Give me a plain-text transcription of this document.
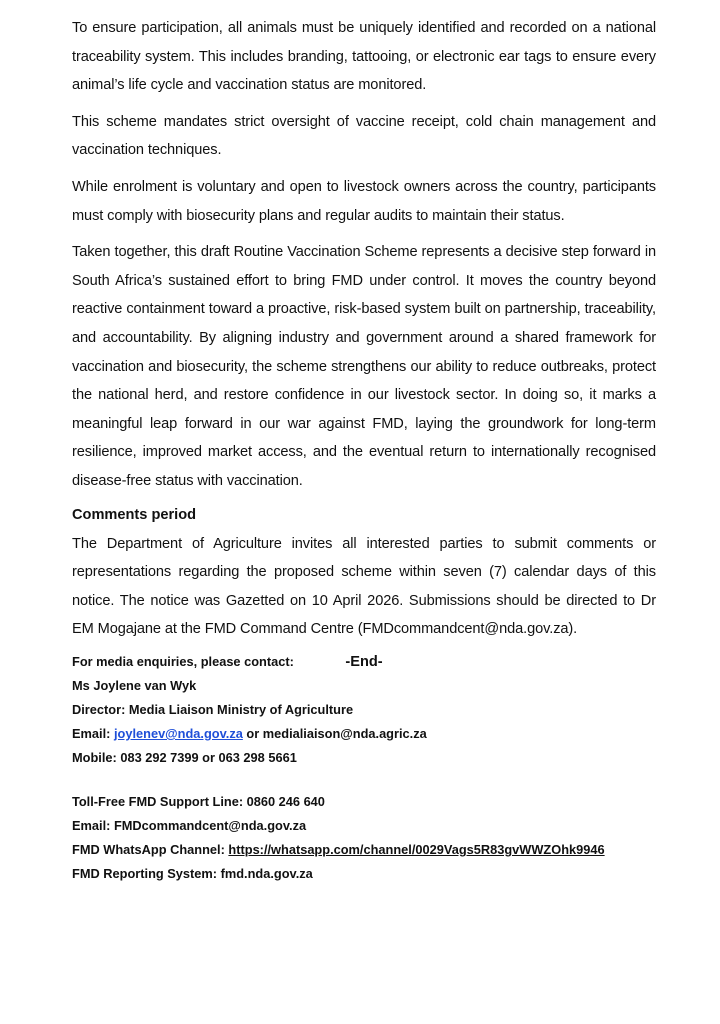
To ensure participation, all animals must be uniquely identified and recorded on a national traceability system. This includes branding, tattooing, or electronic ear tags to ensure every animal’s life cycle and vaccination status are monitored.

This scheme mandates strict oversight of vaccine receipt, cold chain management and vaccination techniques.

While enrolment is voluntary and open to livestock owners across the country, participants must comply with biosecurity plans and regular audits to maintain their status.

Taken together, this draft Routine Vaccination Scheme represents a decisive step forward in South Africa’s sustained effort to bring FMD under control. It moves the country beyond reactive containment toward a proactive, risk-based system built on partnership, traceability, and accountability. By aligning industry and government around a shared framework for vaccination and biosecurity, the scheme strengthens our ability to reduce outbreaks, protect the national herd, and restore confidence in our livestock sector. In doing so, it marks a meaningful leap forward in our war against FMD, laying the groundwork for long-term resilience, improved market access, and the eventual return to internationally recognised disease-free status with vaccination.

Comments period

The Department of Agriculture invites all interested parties to submit comments or representations regarding the proposed scheme within seven (7) calendar days of this notice. The notice was Gazetted on 10 April 2026. Submissions should be directed to Dr EM Mogajane at the FMD Command Centre (FMDcommandcent@nda.gov.za).

-End-
For media enquiries, please contact:
Ms Joylene van Wyk
Director: Media Liaison Ministry of Agriculture
Email: joylenev@nda.gov.za or medialiaison@nda.agric.za
Mobile: 083 292 7399 or 063 298 5661
Toll-Free FMD Support Line: 0860 246 640
Email: FMDcommandcent@nda.gov.za
FMD WhatsApp Channel: https://whatsapp.com/channel/0029Vags5R83gvWWZOhk9946
FMD Reporting System: fmd.nda.gov.za
